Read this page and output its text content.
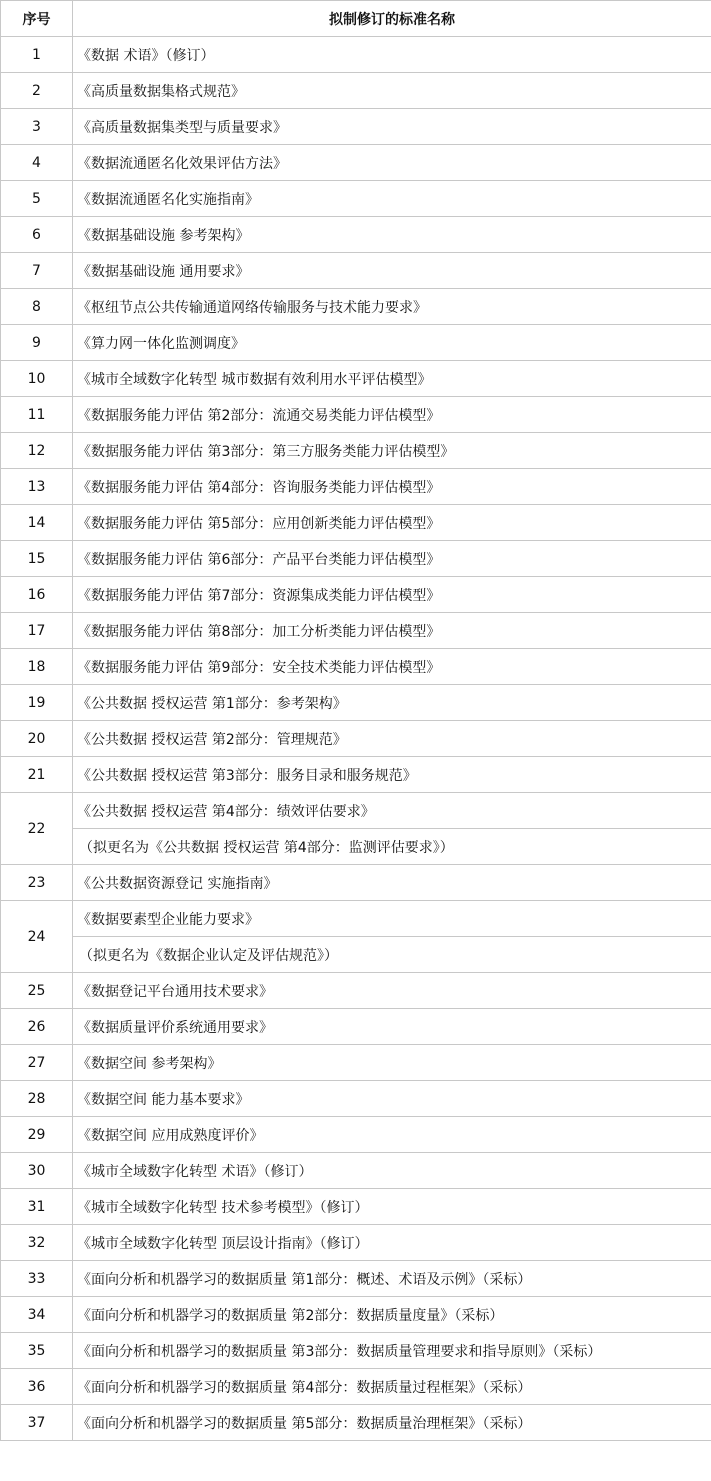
序号	拟制修订的标准名称
1	《数据 术语》（修订）
2	《高质量数据集格式规范》
3	《高质量数据集类型与质量要求》
4	《数据流通匿名化效果评估方法》
5	《数据流通匿名化实施指南》
6	《数据基础设施 参考架构》
7	《数据基础设施 通用要求》
8	《枢纽节点公共传输通道网络传输服务与技术能力要求》
9	《算力网一体化监测调度》
10	《城市全域数字化转型 城市数据有效利用水平评估模型》
11	《数据服务能力评估 第2部分：流通交易类能力评估模型》
12	《数据服务能力评估 第3部分：第三方服务类能力评估模型》
13	《数据服务能力评估 第4部分：咨询服务类能力评估模型》
14	《数据服务能力评估 第5部分：应用创新类能力评估模型》
15	《数据服务能力评估 第6部分：产品平台类能力评估模型》
16	《数据服务能力评估 第7部分：资源集成类能力评估模型》
17	《数据服务能力评估 第8部分：加工分析类能力评估模型》
18	《数据服务能力评估 第9部分：安全技术类能力评估模型》
19	《公共数据 授权运营 第1部分：参考架构》
20	《公共数据 授权运营 第2部分：管理规范》
21	《公共数据 授权运营 第3部分：服务目录和服务规范》
22	《公共数据 授权运营 第4部分：绩效评估要求》
	（拟更名为《公共数据 授权运营 第4部分：监测评估要求》）
23	《公共数据资源登记 实施指南》
24	《数据要素型企业能力要求》
	（拟更名为《数据企业认定及评估规范》）
25	《数据登记平台通用技术要求》
26	《数据质量评价系统通用要求》
27	《数据空间 参考架构》
28	《数据空间 能力基本要求》
29	《数据空间 应用成熟度评价》
30	《城市全域数字化转型 术语》（修订）
31	《城市全域数字化转型 技术参考模型》（修订）
32	《城市全域数字化转型 顶层设计指南》（修订）
33	《面向分析和机器学习的数据质量 第1部分：概述、术语及示例》（采标）
34	《面向分析和机器学习的数据质量 第2部分：数据质量度量》（采标）
35	《面向分析和机器学习的数据质量 第3部分：数据质量管理要求和指导原则》（采标）
36	《面向分析和机器学习的数据质量 第4部分：数据质量过程框架》（采标）
37	《面向分析和机器学习的数据质量 第5部分：数据质量治理框架》（采标）
